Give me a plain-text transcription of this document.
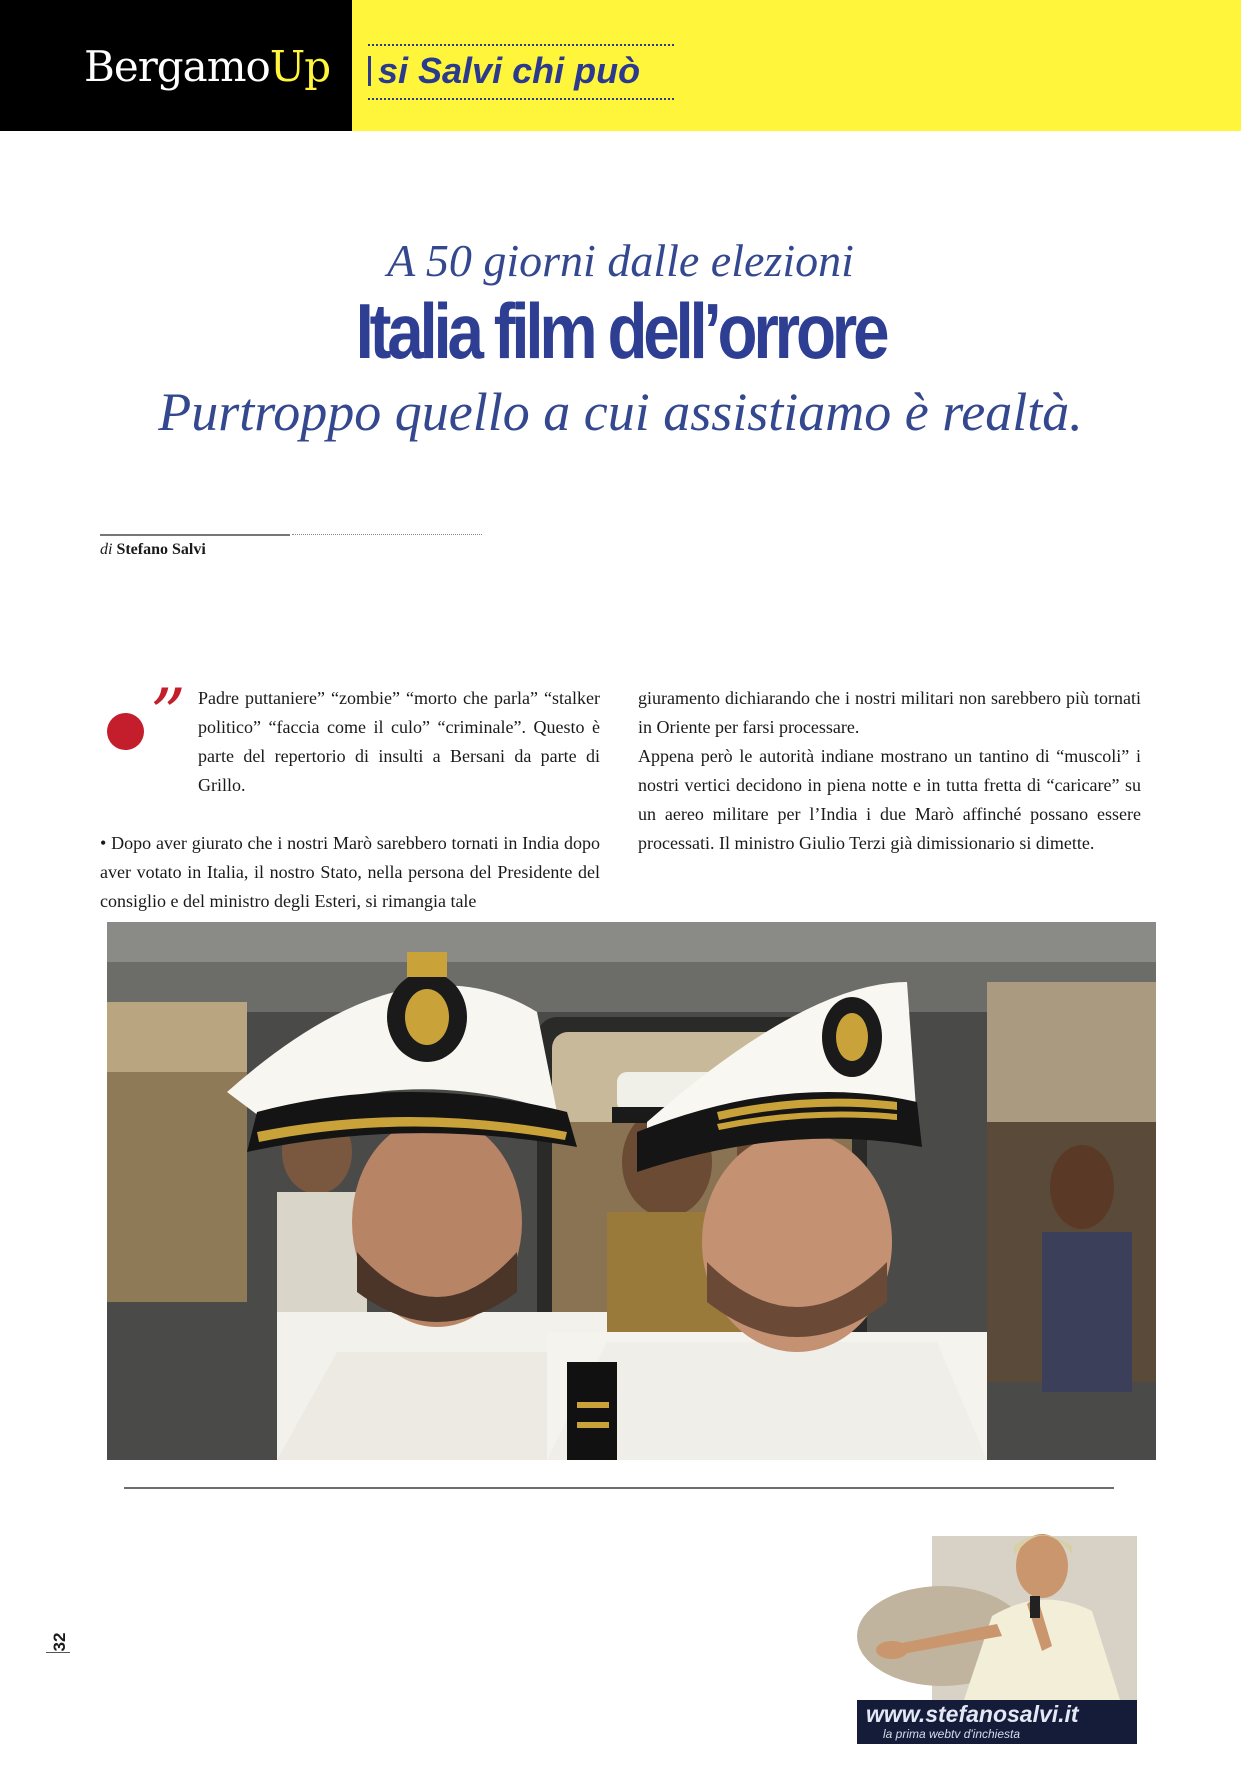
BergamoUp si Salvi chi può
A 50 giorni dalle elezioni
Italia film dell’orrore
Purtroppo quello a cui assistiamo è realtà.
di Stefano Salvi
” Padre puttaniere” “zombie” “morto che parla” “stalker politico” “faccia come il culo” “criminale”. Questo è parte del repertorio di insulti a Bersani da parte di Grillo.
• Dopo aver giurato che i nostri Marò sarebbero tornati in India dopo aver votato in Italia, il nostro Stato, nella persona del Presidente del consiglio e del ministro degli Esteri, si rimangia tale

giuramento dichiarando che i nostri militari non sarebbero più tornati in Oriente per farsi processare.

Appena però le autorità indiane mostrano un tantino di “muscoli” i nostri vertici decidono in piena notte e in tutta fretta di “caricare” su un aereo militare per l’India i due Marò affinché possano essere processati. Il ministro Giulio Terzi già dimissionario si dimette.

32
www.stefanosalvi.it
la prima webtv d'inchiesta
